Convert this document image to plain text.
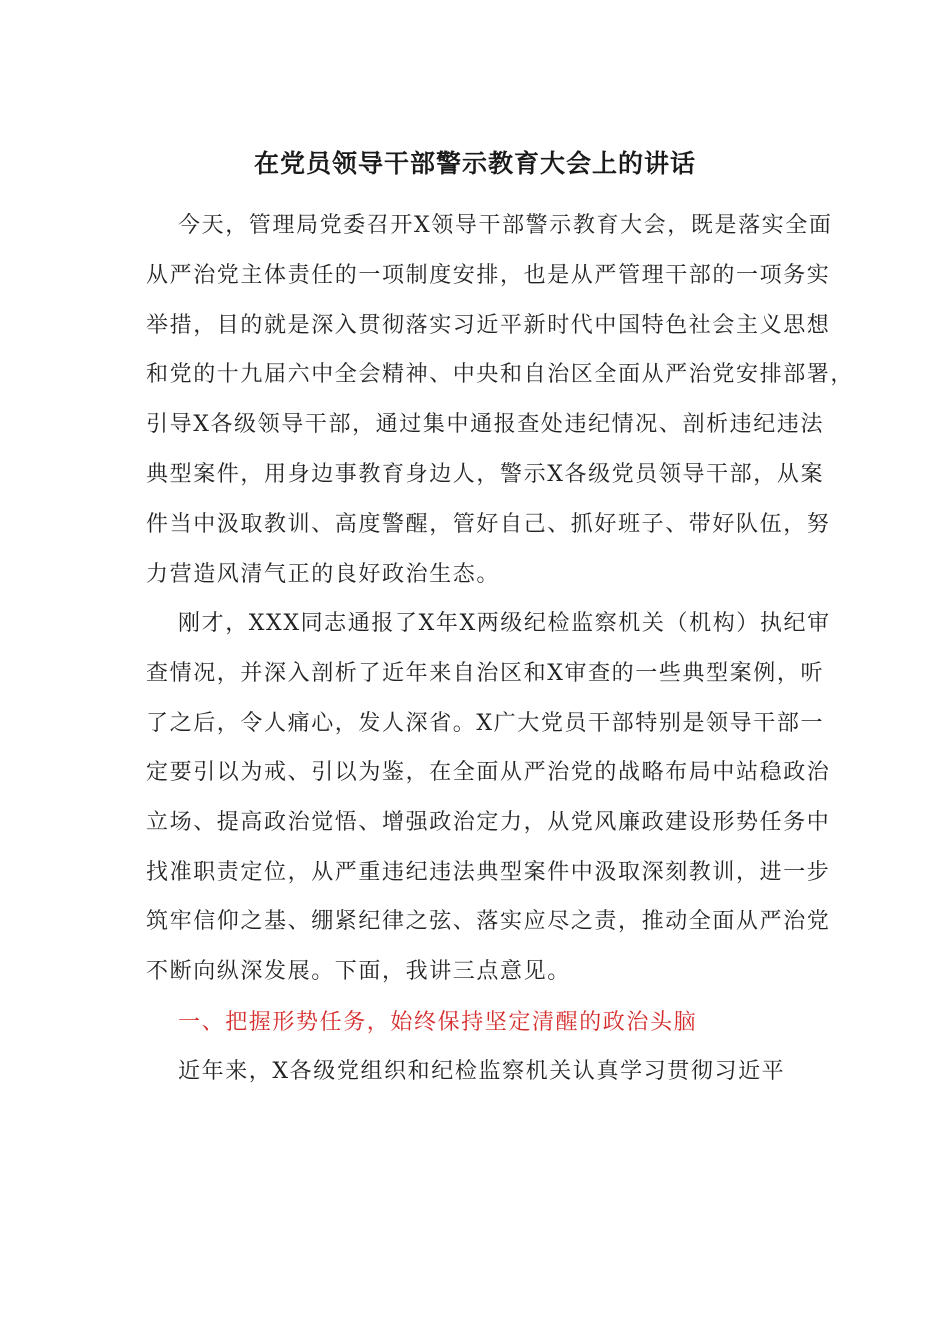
在党员领导干部警示教育大会上的讲话
今天，管理局党委召开X领导干部警示教育大会，既是落实全面
从严治党主体责任的一项制度安排，也是从严管理干部的一项务实
举措，目的就是深入贯彻落实习近平新时代中国特色社会主义思想
和党的十九届六中全会精神、中央和自治区全面从严治党安排部署，
引导X各级领导干部，通过集中通报查处违纪情况、剖析违纪违法
典型案件，用身边事教育身边人，警示X各级党员领导干部，从案
件当中汲取教训、高度警醒，管好自己、抓好班子、带好队伍，努
力营造风清气正的良好政治生态。
刚才，XXX同志通报了X年X两级纪检监察机关（机构）执纪审
查情况，并深入剖析了近年来自治区和X审查的一些典型案例，听
了之后，令人痛心，发人深省。X广大党员干部特别是领导干部一
定要引以为戒、引以为鉴，在全面从严治党的战略布局中站稳政治
立场、提高政治觉悟、增强政治定力，从党风廉政建设形势任务中
找准职责定位，从严重违纪违法典型案件中汲取深刻教训，进一步
筑牢信仰之基、绷紧纪律之弦、落实应尽之责，推动全面从严治党
不断向纵深发展。下面，我讲三点意见。
一、把握形势任务，始终保持坚定清醒的政治头脑
近年来，X各级党组织和纪检监察机关认真学习贯彻习近平
